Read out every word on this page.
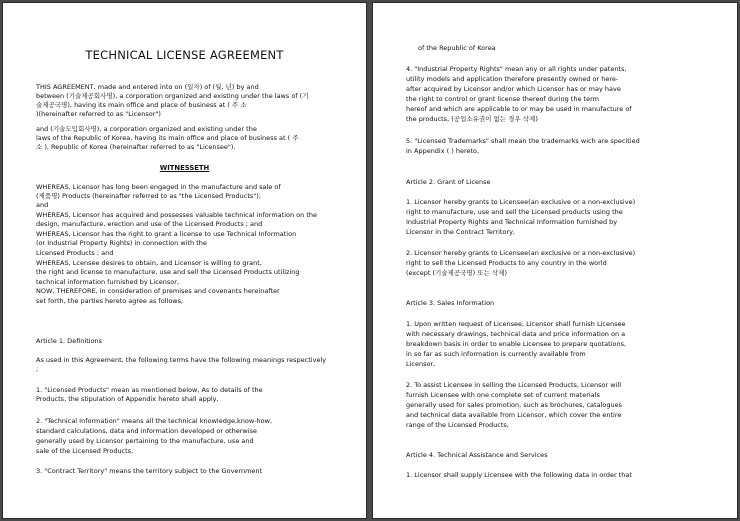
TECHNICAL LICENSE AGREEMENT
THIS AGREEMENT, made and entered into on (일자) of (월, 년) by and
between (기술제공회사명), a corporation organized and existing under the laws of (기
술제공국명), having its main office and place of business at ( 주 소
)(hereinafter referred to as "Licensor")
and (기술도입회사명), a corporation organized and existing under the
laws of the Republic of Korea, having its main office and place of business at ( 주
소 ), Republic of Korea (hereinafter referred to as "Licensee").
WITNESSETH
WHEREAS, Licensor has long been engaged in the manufacture and sale of
(제품명) Products (hereinafter referred to as "the Licensed Products");
and
WHEREAS, Licensor has acquired and possesses valuable technical information on the
design, manufacture, erection and use of the Licensed Products ; and
WHEREAS, Licensor has the right to grant a license to use Technical Information
(or Industrial Property Rights) in connection with the
Licensed Products ; and
WHEREAS, Lcensee desires to obtain, and Licensor is willing to grant,
the right and license to manufacture, use and sell the Licensed Products utilizing
technical information furnished by Licensor,
NOW, THEREFORE, in consideration of premises and covenants hereinafter
set forth, the parties hereto agree as follows,
Article 1. Definitions
As used in this Agreement, the following terms have the following meanings respectively
;
1. "Licensed Products" mean as mentioned below, As to details of the
Products, the stipulation of Appendix hereto shall apply,
2. "Technical Information" means all the technical knowledge,know-how,
standard calculations, data and information developed or otherwise
generally used by Licensor pertaining to the manufacture, use and
sale of the Licensed Products,
3. "Contract Territory" means the territory subject to the Government
of the Republic of Korea
4. "Industrial Property Rights" mean any or all rights under patents,
utility models and application therefore presently owned or here-
after acquired by Licensor and/or which Licensor has or may have
the right to control or grant license thereof during the term
hereof and which are applicable to or may be used in manufacture of
the products, (공업소유권이 없는 경우 삭제)
5. "Licensed Trademarks" shall mean the trademarks wich are specitied
in Appendix ( ) hereto,
Article 2. Grant of License
1. Licensor hereby grants to Licensee(an exclusive or a non-exclusive)
right to manufacture, use and sell the Licensed products using the
Industrial Property Rights and Technical Information furnished by
Licensor in the Contract Territory,
2. Licensor hereby grants to Licensee(an exclusive or a non-exclusive)
right to sell the Licensed Products to any country in the world
(except (기술제공국명) 또는 삭제)
Article 3. Sales Information
1. Upon written request of Licensee, Licensor shall furnish Licensee
with necessary drawings, technical data and price information on a
breakdown basis in order to enable Licensee to prepare quotations,
in so far as such information is currently available from
Licensor,
2. To assist Licensee in selling the Licensed Products, Licensor will
furnish Licensee with one complete set of current materials
generally used for sales promotion, such as brochures, catalogues
and technical data available from Licensor, which cover the entire
range of the Licensed Products,
Article 4. Technical Assistance and Services
1. Licensor shall supply Licensee with the following data in order that
